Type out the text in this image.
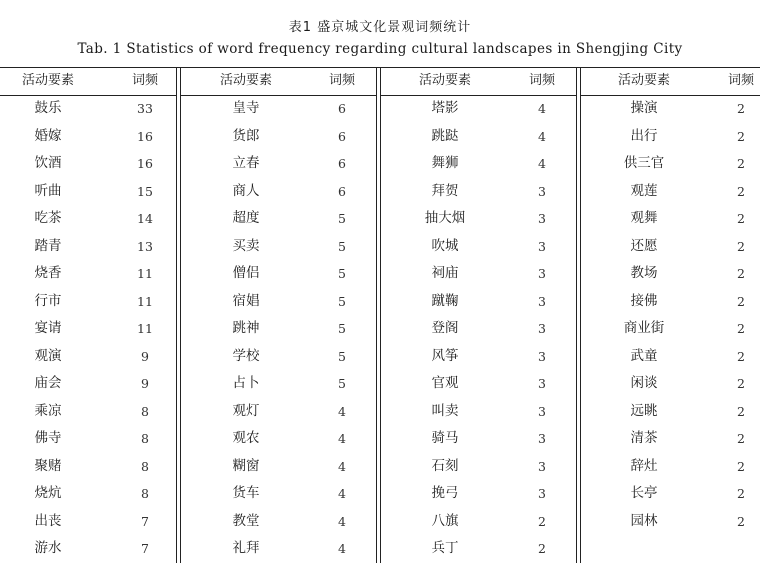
表1 盛京城文化景观词频统计
Tab. 1 Statistics of word frequency regarding cultural landscapes in Shengjing City
活动要素	词频
鼓乐	33
婚嫁	16
饮酒	16
听曲	15
吃茶	14
踏青	13
烧香	11
行市	11
宴请	11
观演	9
庙会	9
乘凉	8
佛寺	8
聚赌	8
烧炕	8
出丧	7
游水	7
活动要素	词频
皇寺	6
货郎	6
立春	6
商人	6
超度	5
买卖	5
僧侣	5
宿娼	5
跳神	5
学校	5
占卜	5
观灯	4
观农	4
糊窗	4
货车	4
教堂	4
礼拜	4
活动要素	词频
塔影	4
跳跶	4
舞狮	4
拜贺	3
抽大烟	3
吹城	3
祠庙	3
蹴鞠	3
登阁	3
风筝	3
官观	3
叫卖	3
骑马	3
石刻	3
挽弓	3
八旗	2
兵丁	2
活动要素	词频
操演	2
出行	2
供三官	2
观莲	2
观舞	2
还愿	2
教场	2
接佛	2
商业街	2
武童	2
闲谈	2
远眺	2
清茶	2
辞灶	2
长亭	2
园林	2
